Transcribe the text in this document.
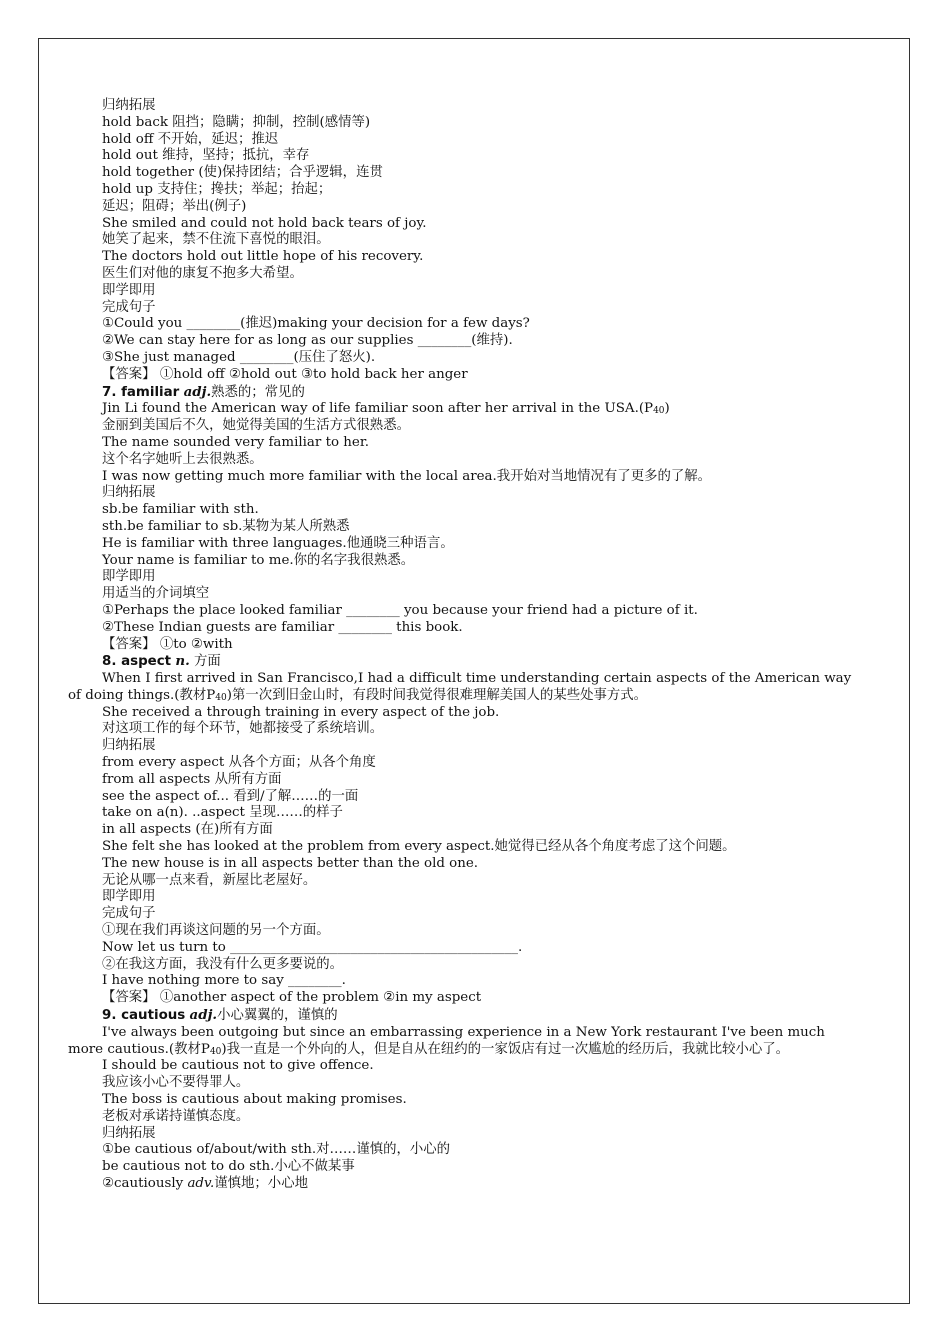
归纳拓展
hold back 阻挡；隐瞒；抑制，控制(感情等)
hold off 不开始，延迟；推迟
hold out 维持，坚持；抵抗，幸存
hold together (使)保持团结；合乎逻辑，连贯
hold up 支持住；搀扶；举起；抬起；
延迟；阻碍；举出(例子)
She smiled and could not hold back tears of joy.
她笑了起来，禁不住流下喜悦的眼泪。
The doctors hold out little hope of his recovery.
医生们对他的康复不抱多大希望。
即学即用
完成句子
①Could you ________(推迟)making your decision for a few days?
②We can stay here for as long as our supplies ________(维持).
③She just managed ________(压住了怒火).
【答案】 ①hold off ②hold out ③to hold back her anger
7. familiar adj.熟悉的；常见的
Jin Li found the American way of life familiar soon after her arrival in the $USA.(P_{40})$
金丽到美国后不久，她觉得美国的生活方式很熟悉。
The name sounded very familiar to her.
这个名字她听上去很熟悉。
I was now getting much more familiar with the local area.我开始对当地情况有了更多的了解。
归纳拓展
sb.be familiar with sth.
sth.be familiar to sb.某物为某人所熟悉
He is familiar with three languages.他通晓三种语言。
Your name is familiar to me.你的名字我很熟悉。
即学即用
用适当的介词填空
①Perhaps the place looked familiar ________ you because your friend had a picture of it.
②These Indian guests are familiar ________ this book.
【答案】 ①to ②with
8. aspect n. 方面
When I first arrived in San Francisco,I had a difficult time understanding certain aspects of the American way of doing things.(教材$P_{40}$)第一次到旧金山时，有段时间我觉得很难理解美国人的某些处事方式。
She received a through training in every aspect of the job.
对这项工作的每个环节，她都接受了系统培训。
归纳拓展
from every aspect 从各个方面；从各个角度
from all aspects 从所有方面
see the aspect of... 看到/了解……的一面
take on a(n). ..aspect 呈现……的样子
in all aspects (在)所有方面
She felt she has looked at the problem from every aspect.她觉得已经从各个角度考虑了这个问题。
The new house is in all aspects better than the old one.
无论从哪一点来看，新屋比老屋好。
即学即用
完成句子
①现在我们再谈这问题的另一个方面。
Now let us turn to ___________________________________________.
②在我这方面，我没有什么更多要说的。
I have nothing more to say ________.
【答案】 ①another aspect of the problem ②in my aspect
9. cautious adj.小心翼翼的，谨慎的
I've always been outgoing but since an embarrassing experience in a New York restaurant I've been much more cautious.(教材$P_{40}$)我一直是一个外向的人，但是自从在纽约的一家饭店有过一次尴尬的经历后，我就比较小心了。
I should be cautious not to give offence.
我应该小心不要得罪人。
The boss is cautious about making promises.
老板对承诺持谨慎态度。
归纳拓展
①be cautious of/about/with sth.对……谨慎的，小心的
be cautious not to do sth.小心不做某事
②cautiously adv.谨慎地；小心地
